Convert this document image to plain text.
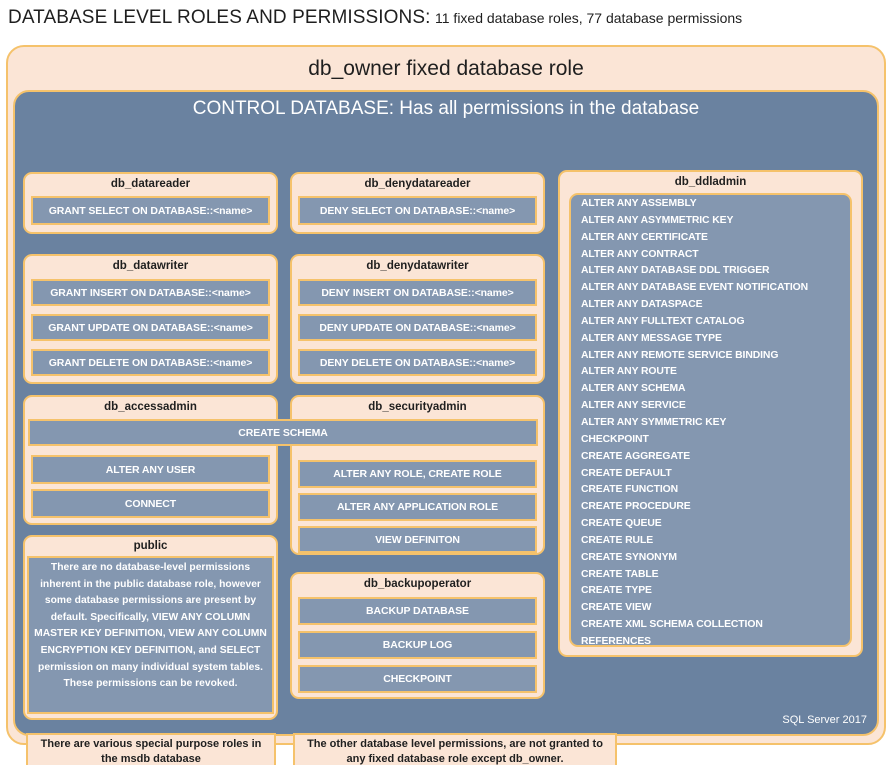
DATABASE LEVEL ROLES AND PERMISSIONS: 11 fixed database roles, 77 database permissions
db_owner fixed database role
CONTROL DATABASE: Has all permissions in the database
db_datareader
GRANT SELECT ON DATABASE::<name>
db_denydatareader
DENY SELECT ON DATABASE::<name>
db_datawriter
GRANT INSERT ON DATABASE::<name>
GRANT UPDATE ON DATABASE::<name>
GRANT DELETE ON DATABASE::<name>
db_denydatawriter
DENY INSERT ON DATABASE::<name>
DENY UPDATE ON DATABASE::<name>
DENY DELETE ON DATABASE::<name>
db_accessadmin
ALTER ANY USER
CONNECT
db_securityadmin
ALTER ANY ROLE, CREATE ROLE
ALTER ANY APPLICATION ROLE
VIEW DEFINITON
CREATE SCHEMA
public
There are no database-level permissions inherent in the public database role, however some database permissions are present by default. Specifically, VIEW ANY COLUMN MASTER KEY DEFINITION, VIEW ANY COLUMN ENCRYPTION KEY DEFINITION, and SELECT permission on many individual system tables. These permissions can be revoked.
db_backupoperator
BACKUP DATABASE
BACKUP LOG
CHECKPOINT
db_ddladmin
ALTER ANY ASSEMBLY
ALTER ANY ASYMMETRIC KEY
ALTER ANY CERTIFICATE
ALTER ANY CONTRACT
ALTER ANY DATABASE DDL TRIGGER
ALTER ANY DATABASE EVENT NOTIFICATION
ALTER ANY DATASPACE
ALTER ANY FULLTEXT CATALOG
ALTER ANY MESSAGE TYPE
ALTER ANY REMOTE SERVICE BINDING
ALTER ANY ROUTE
ALTER ANY SCHEMA
ALTER ANY SERVICE
ALTER ANY SYMMETRIC KEY
CHECKPOINT
CREATE AGGREGATE
CREATE DEFAULT
CREATE FUNCTION
CREATE PROCEDURE
CREATE QUEUE
CREATE RULE
CREATE SYNONYM
CREATE TABLE
CREATE TYPE
CREATE VIEW
CREATE XML SCHEMA COLLECTION
REFERENCES
There are various special purpose roles in the msdb database
The other database level permissions, are not granted to any fixed database role except db_owner.
SQL Server 2017
